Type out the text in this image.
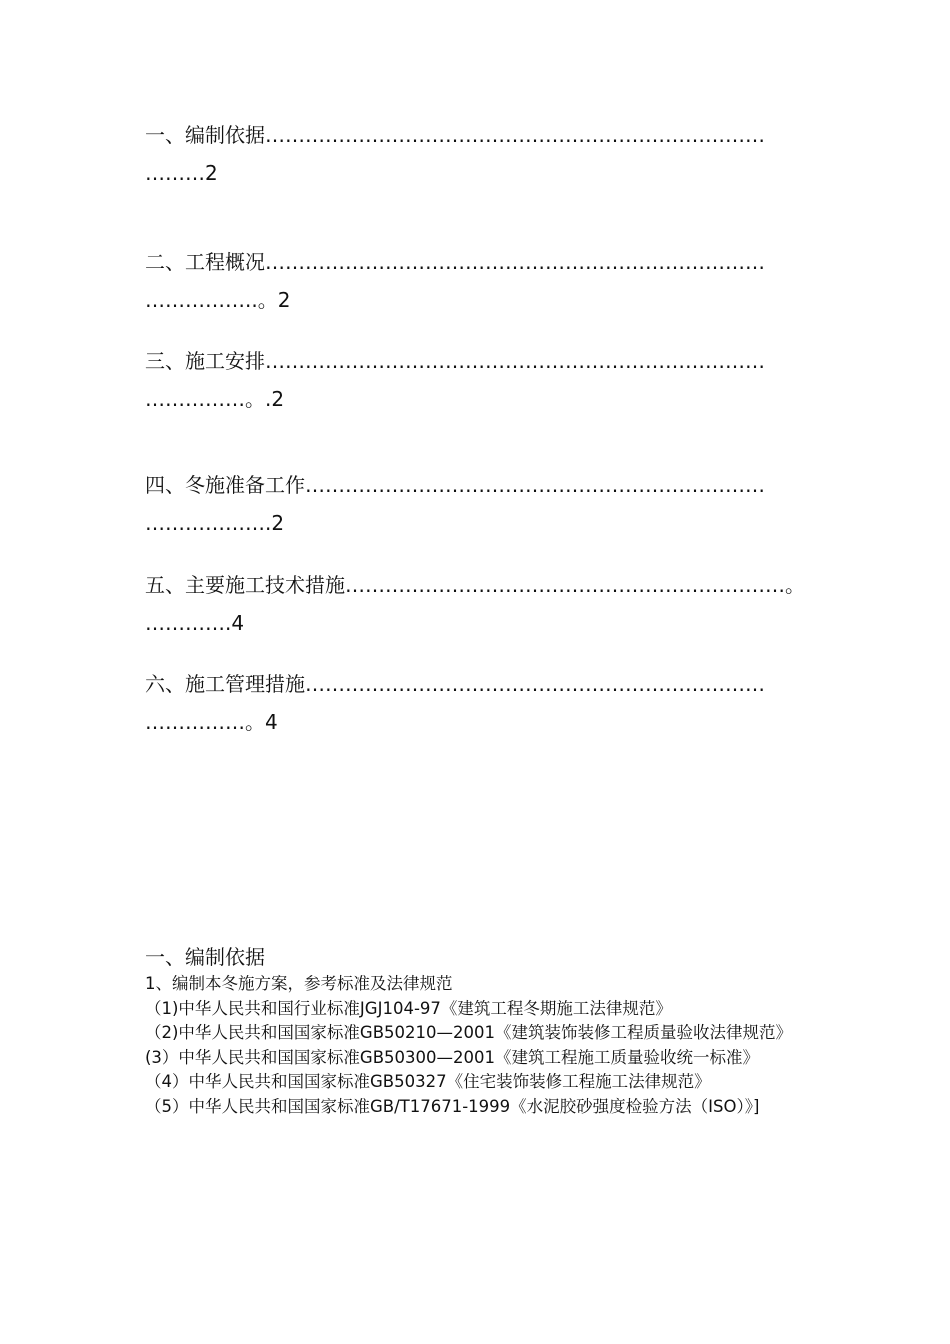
一、编制依据…………………………………………………………………
………2
二、工程概况…………………………………………………………………
……………..。2
三、施工安排…………………………………………………………………
……………。.2
四、冬施准备工作……………………………………………………………
……………….2
五、主要施工技术措施…………………………………………………………。
………….4
六、施工管理措施……………………………………………………………
……………。4
一、编制依据

1、编制本冬施方案，参考标准及法律规范

（1)中华人民共和国行业标准JGJ104-97《建筑工程冬期施工法律规范》

（2)中华人民共和国国家标准GB50210—2001《建筑装饰装修工程质量验收法律规范》

(3）中华人民共和国国家标准GB50300—2001《建筑工程施工质量验收统一标准》

（4）中华人民共和国国家标准GB50327《住宅装饰装修工程施工法律规范》

（5）中华人民共和国国家标准GB/T17671-1999《水泥胶砂强度检验方法（ISO）》]
